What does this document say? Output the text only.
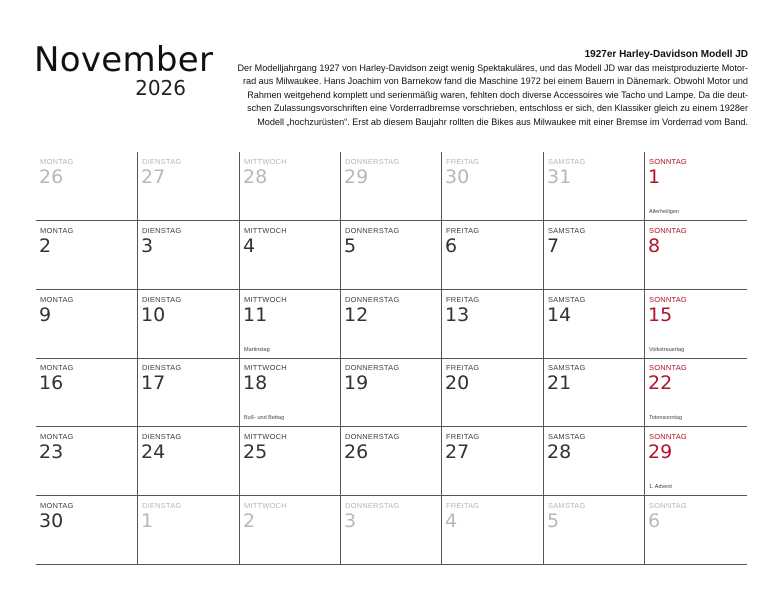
November
2026
1927er Harley-Davidson Modell JD

Der Modelljahrgang 1927 von Harley-Davidson zeigt wenig Spektakuläres, und das Modell JD war das meistproduzierte Motor-
rad aus Milwaukee. Hans Joachim von Barnekow fand die Maschine 1972 bei einem Bauern in Dänemark. Obwohl Motor und
Rahmen weitgehend komplett und serienmäßig waren, fehlten doch diverse Accessoires wie Tacho und Lampe. Da die deut-
schen Zulassungsvorschriften eine Vorderradbremse vorschrieben, entschloss er sich, den Klassiker gleich zu einem 1928er
Modell „hochzurüsten“. Erst ab diesem Baujahr rollten die Bikes aus Milwaukee mit einer Bremse im Vorderrad vom Band.

MONTAG
26
DIENSTAG
27
MITTWOCH
28
DONNERSTAG
29
FREITAG
30
SAMSTAG
31
SONNTAG
1
Allerheiligen
MONTAG
2
DIENSTAG
3
MITTWOCH
4
DONNERSTAG
5
FREITAG
6
SAMSTAG
7
SONNTAG
8
MONTAG
9
DIENSTAG
10
MITTWOCH
11
Martinstag
DONNERSTAG
12
FREITAG
13
SAMSTAG
14
SONNTAG
15
Volkstrauertag
MONTAG
16
DIENSTAG
17
MITTWOCH
18
Buß- und Bettag
DONNERSTAG
19
FREITAG
20
SAMSTAG
21
SONNTAG
22
Totensonntag
MONTAG
23
DIENSTAG
24
MITTWOCH
25
DONNERSTAG
26
FREITAG
27
SAMSTAG
28
SONNTAG
29
1. Advent
MONTAG
30
DIENSTAG
1
MITTWOCH
2
DONNERSTAG
3
FREITAG
4
SAMSTAG
5
SONNTAG
6
